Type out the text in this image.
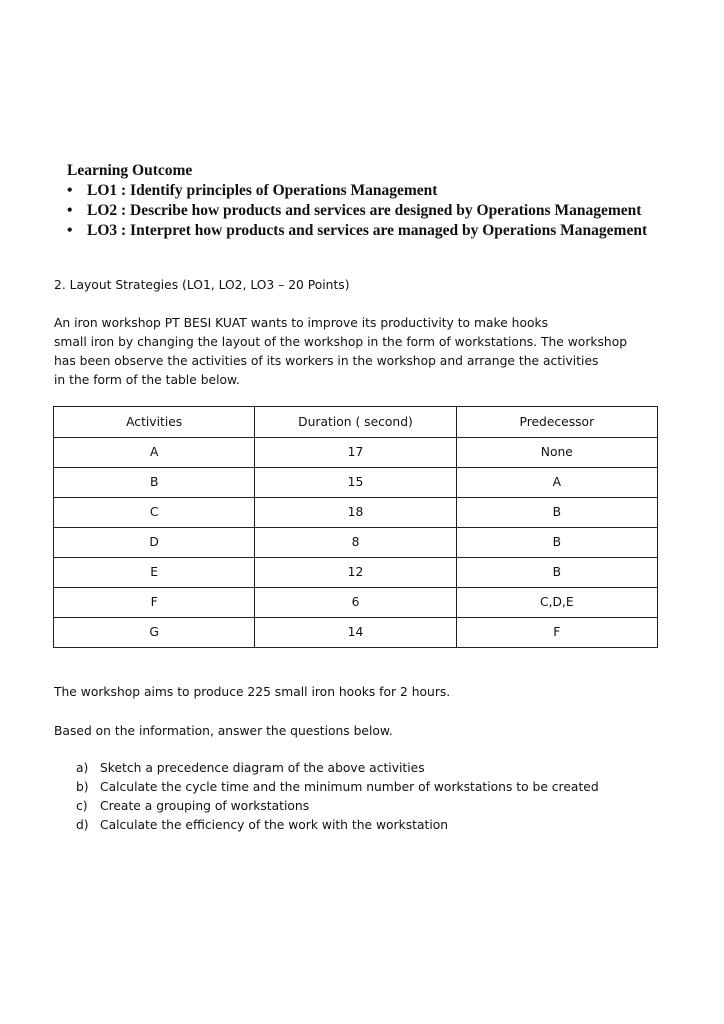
Learning Outcome

• LO1 : Identify principles of Operations Management
• LO2 : Describe how products and services are designed by Operations Management
• LO3 : Interpret how products and services are managed by Operations Management

2. Layout Strategies (LO1, LO2, LO3 – 20 Points)

An iron workshop PT BESI KUAT wants to improve its productivity to make hooks
small iron by changing the layout of the workshop in the form of workstations. The workshop
has been observe the activities of its workers in the workshop and arrange the activities
in the form of the table below.

Activities	Duration ( second)	Predecessor
A	17	None
B	15	A
C	18	B
D	8	B
E	12	B
F	6	C,D,E
G	14	F

The workshop aims to produce 225 small iron hooks for 2 hours.

Based on the information, answer the questions below.

a) Sketch a precedence diagram of the above activities
b) Calculate the cycle time and the minimum number of workstations to be created
c) Create a grouping of workstations
d) Calculate the efficiency of the work with the workstation
